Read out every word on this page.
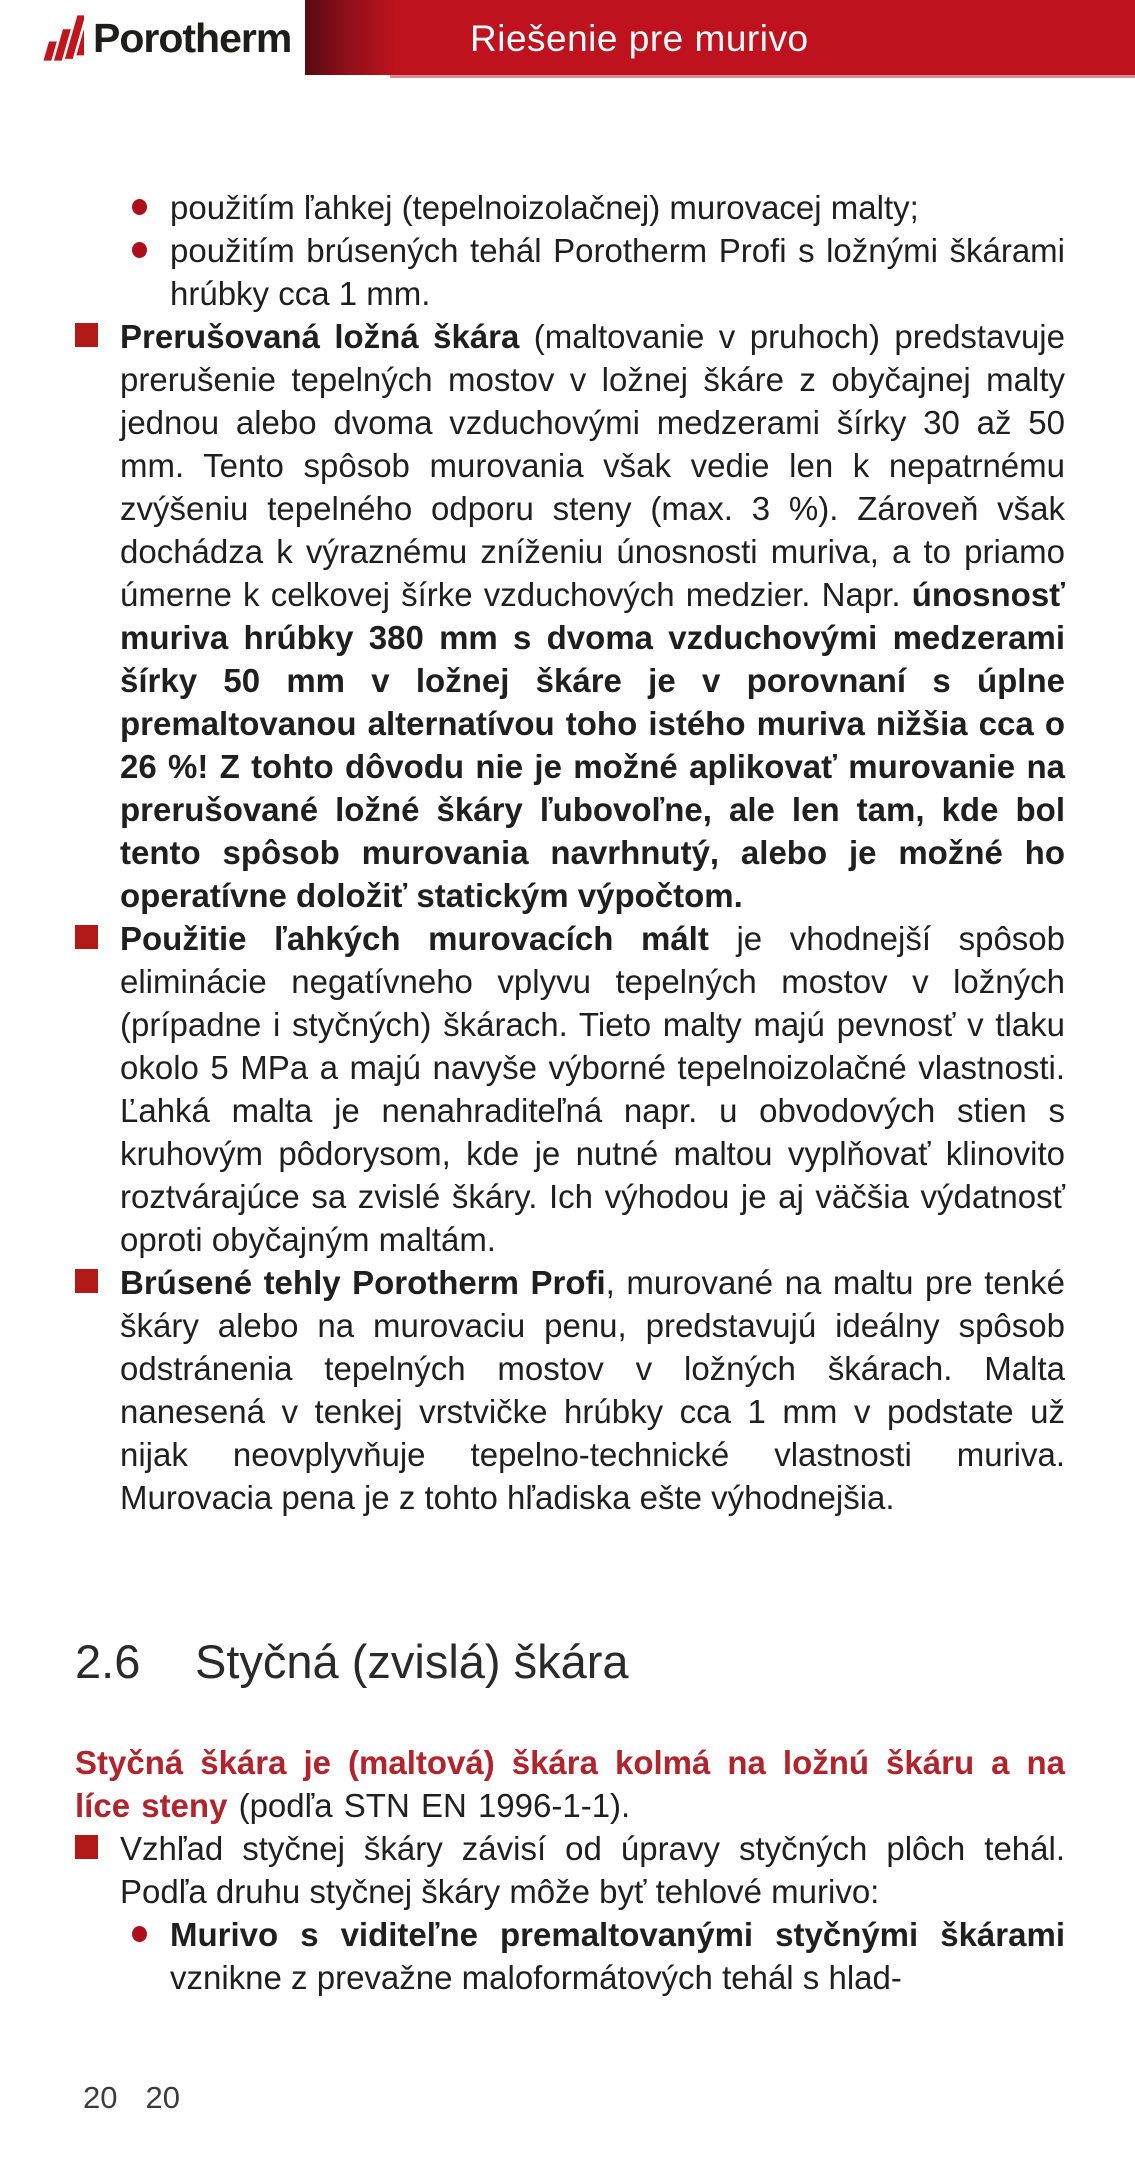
Porotherm	Riešenie pre murivo
použitím ľahkej (tepelnoizolačnej) murovacej malty;
použitím brúsených tehál Porotherm Profi s ložnými škárami hrúbky cca 1 mm.

Prerušovaná ložná škára (maltovanie v pruhoch) predstavuje prerušenie tepelných mostov v ložnej škáre z obyčajnej malty jednou alebo dvoma vzduchovými medzerami šírky 30 až 50 mm. Tento spôsob murovania však vedie len k nepatrnému zvýšeniu tepelného odporu steny (max. 3 %). Zároveň však dochádza k výraznému zníženiu únosnosti muriva, a to priamo úmerne k celkovej šírke vzduchových medzier. Napr. únosnosť muriva hrúbky 380 mm s dvoma vzduchovými medzerami šírky 50 mm v ložnej škáre je v porovnaní s úplne premaltovanou alternatívou toho istého muriva nižšia cca o 26 %! Z tohto dôvodu nie je možné aplikovať murovanie na prerušované ložné škáry ľubovoľne, ale len tam, kde bol tento spôsob murovania navrhnutý, alebo je možné ho operatívne doložiť statickým výpočtom.

Použitie ľahkých murovacích mált je vhodnejší spôsob eliminácie negatívneho vplyvu tepelných mostov v ložných (prípadne i styčných) škárach. Tieto malty majú pevnosť v tlaku okolo 5 MPa a majú navyše výborné tepelnoizolačné vlastnosti. Ľahká malta je nenahraditeľná napr. u obvodových stien s kruhovým pôdorysom, kde je nutné maltou vyplňovať klinovito roztvárajúce sa zvislé škáry. Ich výhodou je aj väčšia výdatnosť oproti obyčajným maltám.

Brúsené tehly Porotherm Profi, murované na maltu pre tenké škáry alebo na murovaciu penu, predstavujú ideálny spôsob odstránenia tepelných mostov v ložných škárach. Malta nanesená v tenkej vrstvičke hrúbky cca 1 mm v podstate už nijak neovplyvňuje tepelno-technické vlastnosti muriva. Murovacia pena je z tohto hľadiska ešte výhodnejšia.

2.6 Styčná (zvislá) škára

Styčná škára je (maltová) škára kolmá na ložnú škáru a na líce steny (podľa STN EN 1996-1-1).

Vzhľad styčnej škáry závisí od úpravy styčných plôch tehál. Podľa druhu styčnej škáry môže byť tehlové murivo:

Murivo s viditeľne premaltovanými styčnými škárami vznikne z prevažne maloformátových tehál s hlad-
20 20
